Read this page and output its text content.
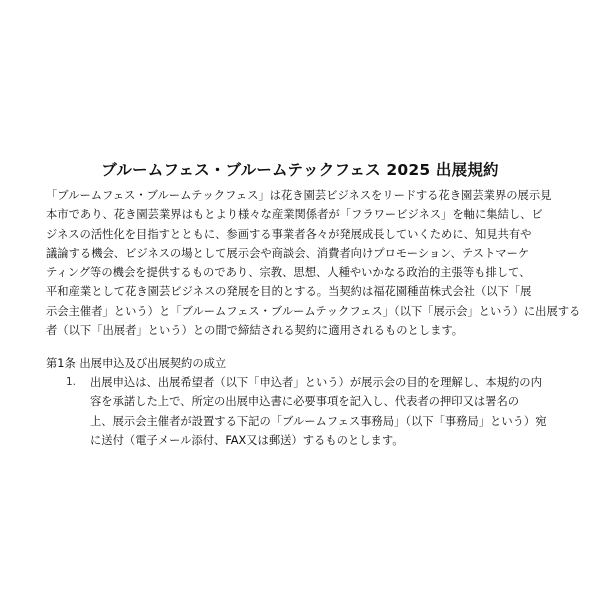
ブルームフェス・ブルームテックフェス 2025 出展規約

「ブルームフェス・ブルームテックフェス」は花き園芸ビジネスをリードする花き園芸業界の展示見
本市であり、花き園芸業界はもとより様々な産業関係者が「フラワービジネス」を軸に集結し、ビ
ジネスの活性化を目指すとともに、参画する事業者各々が発展成長していくために、知見共有や
議論する機会、ビジネスの場として展示会や商談会、消費者向けプロモーション、テストマーケ
ティング等の機会を提供するものであり、宗教、思想、人種やいかなる政治的主張等も排して、
平和産業として花き園芸ビジネスの発展を目的とする。当契約は福花園種苗株式会社（以下「展
示会主催者」という）と「ブルームフェス・ブルームテックフェス」（以下「展示会」という）に出展する
者（以下「出展者」という）との間で締結される契約に適用されるものとします。

第1条 出展申込及び出展契約の成立
1. 出展申込は、出展希望者（以下「申込者」という）が展示会の目的を理解し、本規約の内
容を承諾した上で、所定の出展申込書に必要事項を記入し、代表者の押印又は署名の
上、展示会主催者が設置する下記の「ブルームフェス事務局」（以下「事務局」という）宛
に送付（電子メール添付、FAX又は郵送）するものとします。
